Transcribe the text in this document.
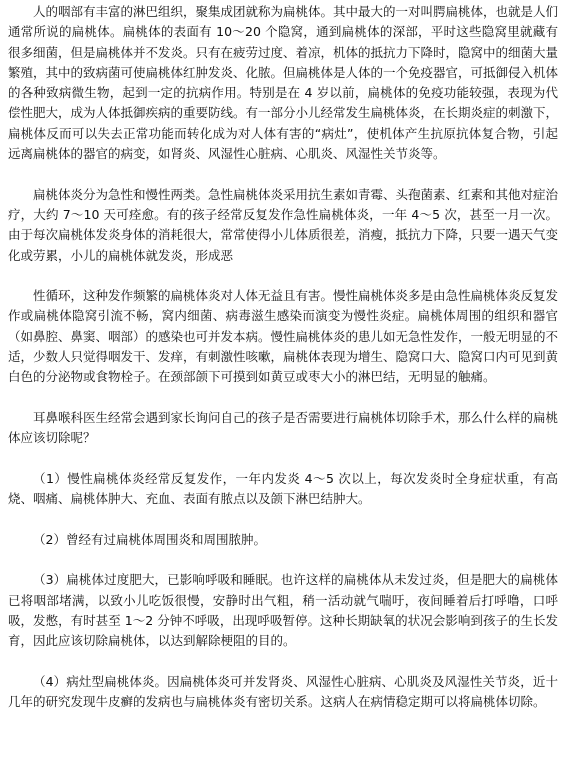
人的咽部有丰富的淋巴组织，聚集成团就称为扁桃体。其中最大的一对叫腭扁桃体，也就是人们通常所说的扁桃体。扁桃体的表面有 10～20 个隐窝，通到扁桃体的深部，平时这些隐窝里就藏有很多细菌，但是扁桃体并不发炎。只有在疲劳过度、着凉，机体的抵抗力下降时，隐窝中的细菌大量繁殖，其中的致病菌可使扁桃体红肿发炎、化脓。但扁桃体是人体的一个免疫器官，可抵御侵入机体的各种致病微生物，起到一定的抗病作用。特别是在 4 岁以前，扁桃体的免疫功能较强，表现为代偿性肥大，成为人体抵御疾病的重要防线。有一部分小儿经常发生扁桃体炎，在长期炎症的刺激下，扁桃体反而可以失去正常功能而转化成为对人体有害的“病灶”，使机体产生抗原抗体复合物，引起远离扁桃体的器官的病变，如肾炎、风湿性心脏病、心肌炎、风湿性关节炎等。

扁桃体炎分为急性和慢性两类。急性扁桃体炎采用抗生素如青霉、头孢菌素、红素和其他对症治疗，大约 7～10 天可痊愈。有的孩子经常反复发作急性扁桃体炎，一年 4～5 次，甚至一月一次。由于每次扁桃体发炎身体的消耗很大，常常使得小儿体质很差，消瘦，抵抗力下降，只要一遇天气变化或劳累，小儿的扁桃体就发炎，形成恶

性循环，这种发作频繁的扁桃体炎对人体无益且有害。慢性扁桃体炎多是由急性扁桃体炎反复发作或扁桃体隐窝引流不畅，窝内细菌、病毒滋生感染而演变为慢性炎症。扁桃体周围的组织和器官（如鼻腔、鼻窦、咽部）的感染也可并发本病。慢性扁桃体炎的患儿如无急性发作，一般无明显的不适，少数人只觉得咽发干、发痒，有刺激性咳嗽，扁桃体表现为增生、隐窝口大、隐窝口内可见到黄白色的分泌物或食物栓子。在颈部颌下可摸到如黄豆或枣大小的淋巴结，无明显的触痛。

耳鼻喉科医生经常会遇到家长询问自己的孩子是否需要进行扁桃体切除手术，那么什么样的扁桃体应该切除呢？

（1）慢性扁桃体炎经常反复发作，一年内发炎 4～5 次以上，每次发炎时全身症状重，有高烧、咽痛、扁桃体肿大、充血、表面有脓点以及颌下淋巴结肿大。

（2）曾经有过扁桃体周围炎和周围脓肿。

（3）扁桃体过度肥大，已影响呼吸和睡眠。也许这样的扁桃体从未发过炎，但是肥大的扁桃体已将咽部堵满，以致小儿吃饭很慢，安静时出气粗，稍一活动就气喘吁，夜间睡着后打呼噜，口呼吸，发憋，有时甚至 1～2 分钟不呼吸，出现呼吸暂停。这种长期缺氧的状况会影响到孩子的生长发育，因此应该切除扁桃体，以达到解除梗阻的目的。

（4）病灶型扁桃体炎。因扁桃体炎可并发肾炎、风湿性心脏病、心肌炎及风湿性关节炎，近十几年的研究发现牛皮癣的发病也与扁桃体炎有密切关系。这病人在病情稳定期可以将扁桃体切除。
